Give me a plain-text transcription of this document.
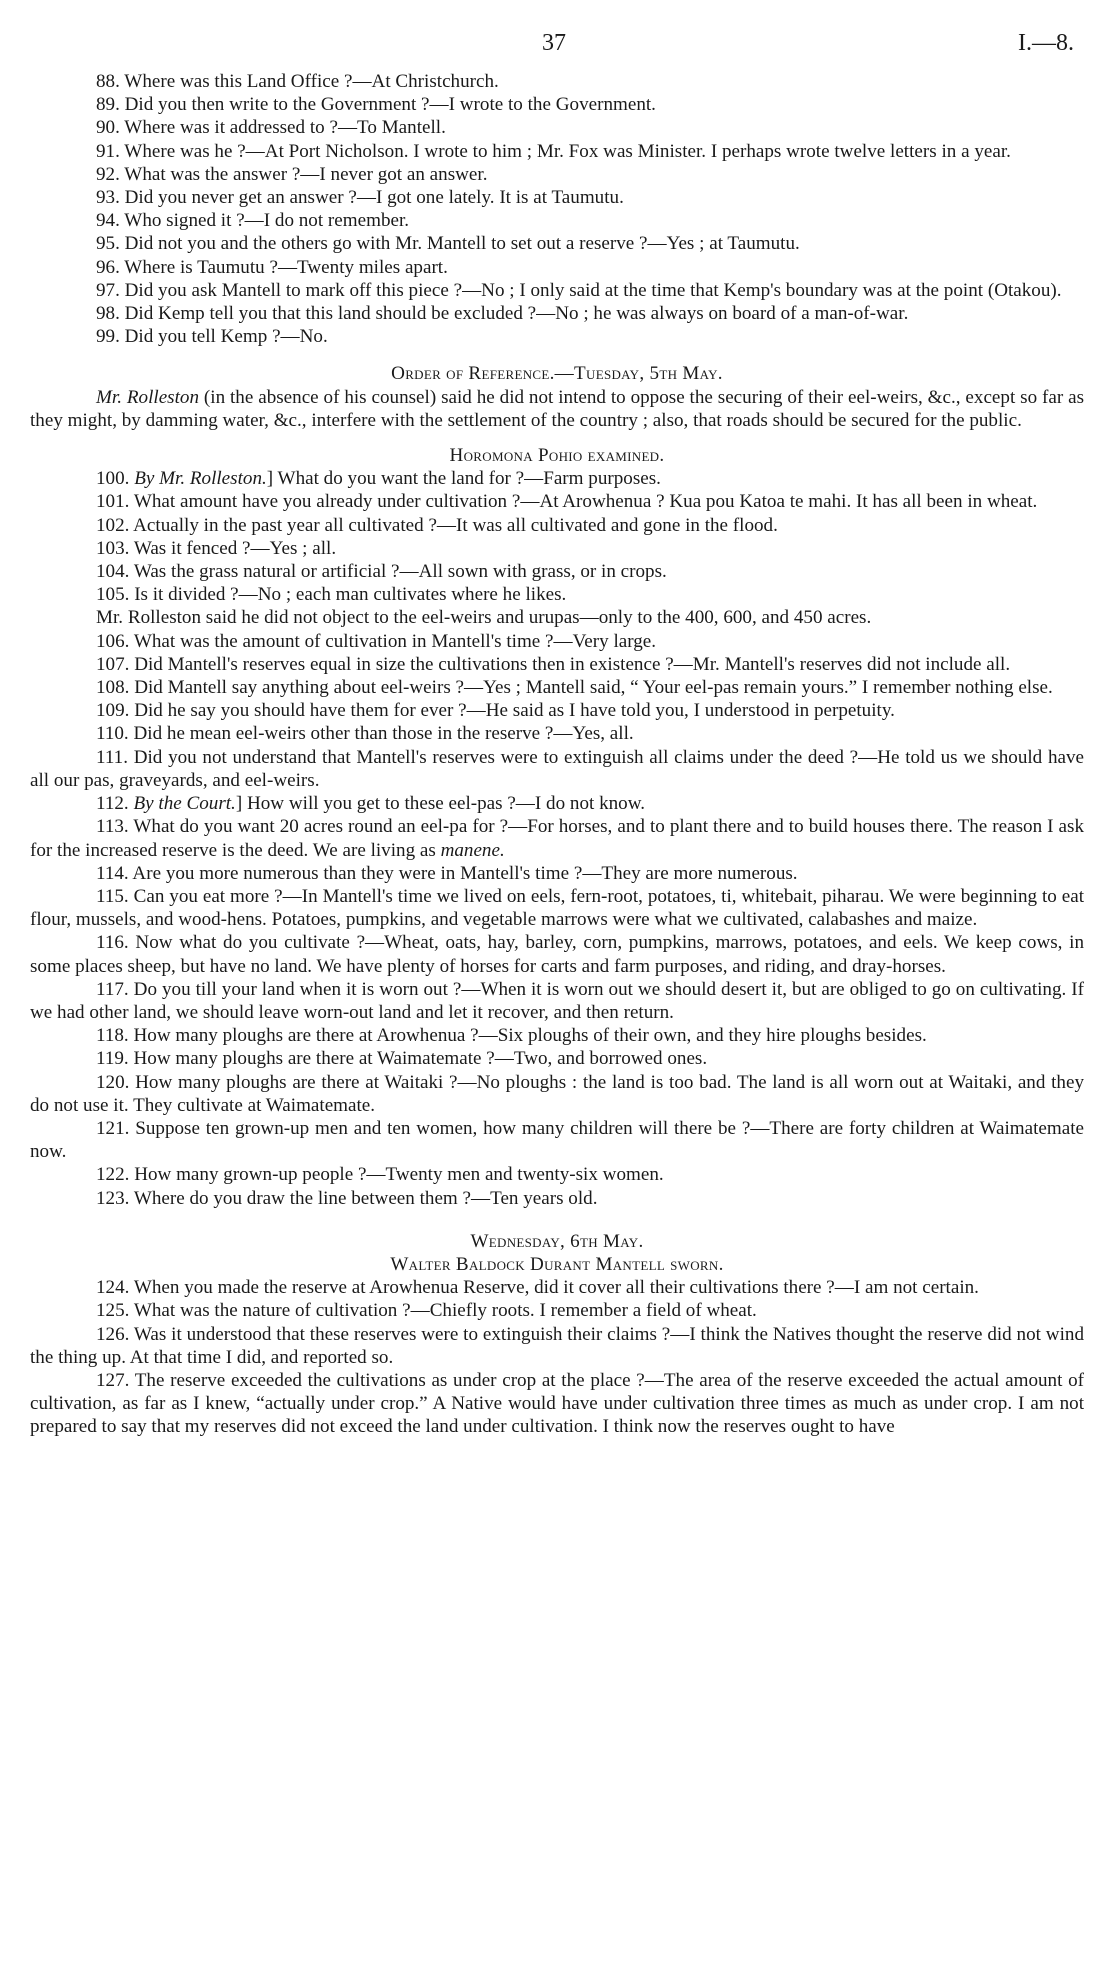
37	I.—8.

88. Where was this Land Office ?—At Christchurch.

89. Did you then write to the Government ?—I wrote to the Government.

90. Where was it addressed to ?—To Mantell.

91. Where was he ?—At Port Nicholson. I wrote to him ; Mr. Fox was Minister. I perhaps wrote twelve letters in a year.

92. What was the answer ?—I never got an answer.

93. Did you never get an answer ?—I got one lately. It is at Taumutu.

94. Who signed it ?—I do not remember.

95. Did not you and the others go with Mr. Mantell to set out a reserve ?—Yes ; at Taumutu.

96. Where is Taumutu ?—Twenty miles apart.

97. Did you ask Mantell to mark off this piece ?—No ; I only said at the time that Kemp's boundary was at the point (Otakou).

98. Did Kemp tell you that this land should be excluded ?—No ; he was always on board of a man-of-war.

99. Did you tell Kemp ?—No.

Order of Reference.—Tuesday, 5th May.

Mr. Rolleston (in the absence of his counsel) said he did not intend to oppose the securing of their eel-weirs, &c., except so far as they might, by damming water, &c., interfere with the settlement of the country ; also, that roads should be secured for the public.

Horomona Pohio examined.

100. By Mr. Rolleston.] What do you want the land for ?—Farm purposes.

101. What amount have you already under cultivation ?—At Arowhenua ? Kua pou Katoa te mahi. It has all been in wheat.

102. Actually in the past year all cultivated ?—It was all cultivated and gone in the flood.

103. Was it fenced ?—Yes ; all.

104. Was the grass natural or artificial ?—All sown with grass, or in crops.

105. Is it divided ?—No ; each man cultivates where he likes.

Mr. Rolleston said he did not object to the eel-weirs and urupas—only to the 400, 600, and 450 acres.

106. What was the amount of cultivation in Mantell's time ?—Very large.

107. Did Mantell's reserves equal in size the cultivations then in existence ?—Mr. Mantell's reserves did not include all.

108. Did Mantell say anything about eel-weirs ?—Yes ; Mantell said, “ Your eel-pas remain yours.” I remember nothing else.

109. Did he say you should have them for ever ?—He said as I have told you, I understood in perpetuity.

110. Did he mean eel-weirs other than those in the reserve ?—Yes, all.

111. Did you not understand that Mantell's reserves were to extinguish all claims under the deed ?—He told us we should have all our pas, graveyards, and eel-weirs.

112. By the Court.] How will you get to these eel-pas ?—I do not know.

113. What do you want 20 acres round an eel-pa for ?—For horses, and to plant there and to build houses there. The reason I ask for the increased reserve is the deed. We are living as manene.

114. Are you more numerous than they were in Mantell's time ?—They are more numerous.

115. Can you eat more ?—In Mantell's time we lived on eels, fern-root, potatoes, ti, whitebait, piharau. We were beginning to eat flour, mussels, and wood-hens. Potatoes, pumpkins, and vegetable marrows were what we cultivated, calabashes and maize.

116. Now what do you cultivate ?—Wheat, oats, hay, barley, corn, pumpkins, marrows, potatoes, and eels. We keep cows, in some places sheep, but have no land. We have plenty of horses for carts and farm purposes, and riding, and dray-horses.

117. Do you till your land when it is worn out ?—When it is worn out we should desert it, but are obliged to go on cultivating. If we had other land, we should leave worn-out land and let it recover, and then return.

118. How many ploughs are there at Arowhenua ?—Six ploughs of their own, and they hire ploughs besides.

119. How many ploughs are there at Waimatemate ?—Two, and borrowed ones.

120. How many ploughs are there at Waitaki ?—No ploughs : the land is too bad. The land is all worn out at Waitaki, and they do not use it. They cultivate at Waimatemate.

121. Suppose ten grown-up men and ten women, how many children will there be ?—There are forty children at Waimatemate now.

122. How many grown-up people ?—Twenty men and twenty-six women.

123. Where do you draw the line between them ?—Ten years old.

Wednesday, 6th May.

Walter Baldock Durant Mantell sworn.

124. When you made the reserve at Arowhenua Reserve, did it cover all their cultivations there ?—I am not certain.

125. What was the nature of cultivation ?—Chiefly roots. I remember a field of wheat.

126. Was it understood that these reserves were to extinguish their claims ?—I think the Natives thought the reserve did not wind the thing up. At that time I did, and reported so.

127. The reserve exceeded the cultivations as under crop at the place ?—The area of the reserve exceeded the actual amount of cultivation, as far as I knew, “actually under crop.” A Native would have under cultivation three times as much as under crop. I am not prepared to say that my reserves did not exceed the land under cultivation. I think now the reserves ought to have
